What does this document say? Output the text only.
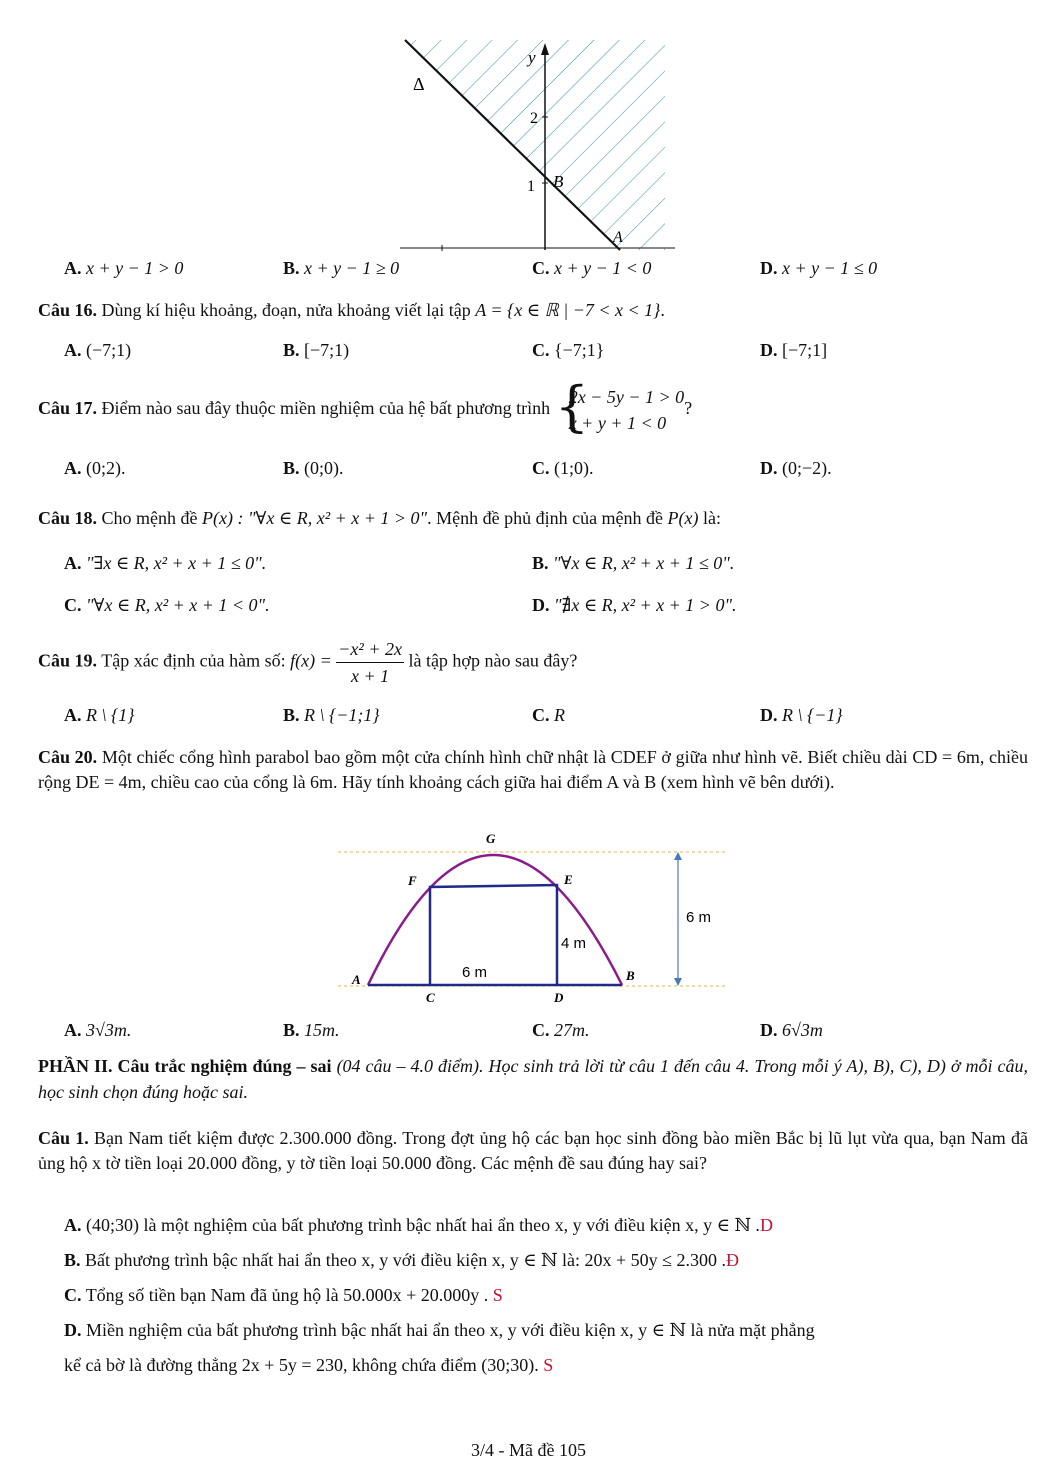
y
Δ
2
1 B
A
A. x + y − 1 > 0	B. x + y − 1 ≥ 0	C. x + y − 1 < 0	D. x + y − 1 ≤ 0
Câu 16. Dùng kí hiệu khoảng, đoạn, nửa khoảng viết lại tập A = {x ∈ ℝ | −7 < x < 1}.
A. (−7;1)	B. [−7;1)	C. {−7;1}	D. [−7;1]
Câu 17. Điểm nào sau đây thuộc miền nghiệm của hệ bất phương trình {
2x − 5y − 1 > 0
x + y + 1 < 0
?
A. (0;2).	B. (0;0).	C. (1;0).	D. (0;−2).
Câu 18. Cho mệnh đề P(x) : "∀x ∈ R, x² + x + 1 > 0". Mệnh đề phủ định của mệnh đề P(x) là:
A. "∃x ∈ R, x² + x + 1 ≤ 0".	B. "∀x ∈ R, x² + x + 1 ≤ 0".
C. "∀x ∈ R, x² + x + 1 < 0".	D. "∄x ∈ R, x² + x + 1 > 0".
Câu 19. Tập xác định của hàm số: $f(x) = \frac{\text{−x² + 2x}}{x + 1}$ là tập hợp nào sau đây?
A. R \ {1}	B. R \ {−1;1}	C. R	D. R \ {−1}
Câu 20. Một chiếc cổng hình parabol bao gồm một cửa chính hình chữ nhật là CDEF ở giữa như hình vẽ. Biết chiều dài CD = 6m, chiều rộng DE = 4m, chiều cao của cổng là 6m. Hãy tính khoảng cách giữa hai điểm A và B (xem hình vẽ bên dưới).
G
F	E
A	B
C	D
6 m
4 m
6 m
A. 3√3m.	B. 15m.	C. 27m.	D. 6√3m
PHẦN II. Câu trắc nghiệm đúng – sai (04 câu – 4.0 điểm). Học sinh trả lời từ câu 1 đến câu 4. Trong mỗi ý A), B), C), D) ở mỗi câu, học sinh chọn đúng hoặc sai.
Câu 1. Bạn Nam tiết kiệm được 2.300.000 đồng. Trong đợt ủng hộ các bạn học sinh đồng bào miền Bắc bị lũ lụt vừa qua, bạn Nam đã ủng hộ x tờ tiền loại 20.000 đồng, y tờ tiền loại 50.000 đồng. Các mệnh đề sau đúng hay sai?
A. (40;30) là một nghiệm của bất phương trình bậc nhất hai ẩn theo x, y với điều kiện x, y ∈ ℕ .D
B. Bất phương trình bậc nhất hai ẩn theo x, y với điều kiện x, y ∈ ℕ là: 20x + 50y ≤ 2.300 .Đ
C. Tổng số tiền bạn Nam đã ủng hộ là 50.000x + 20.000y . S
D. Miền nghiệm của bất phương trình bậc nhất hai ẩn theo x, y với điều kiện x, y ∈ ℕ là nửa mặt phẳng
kể cả bờ là đường thẳng 2x + 5y = 230, không chứa điểm (30;30). S
3/4 - Mã đề 105
